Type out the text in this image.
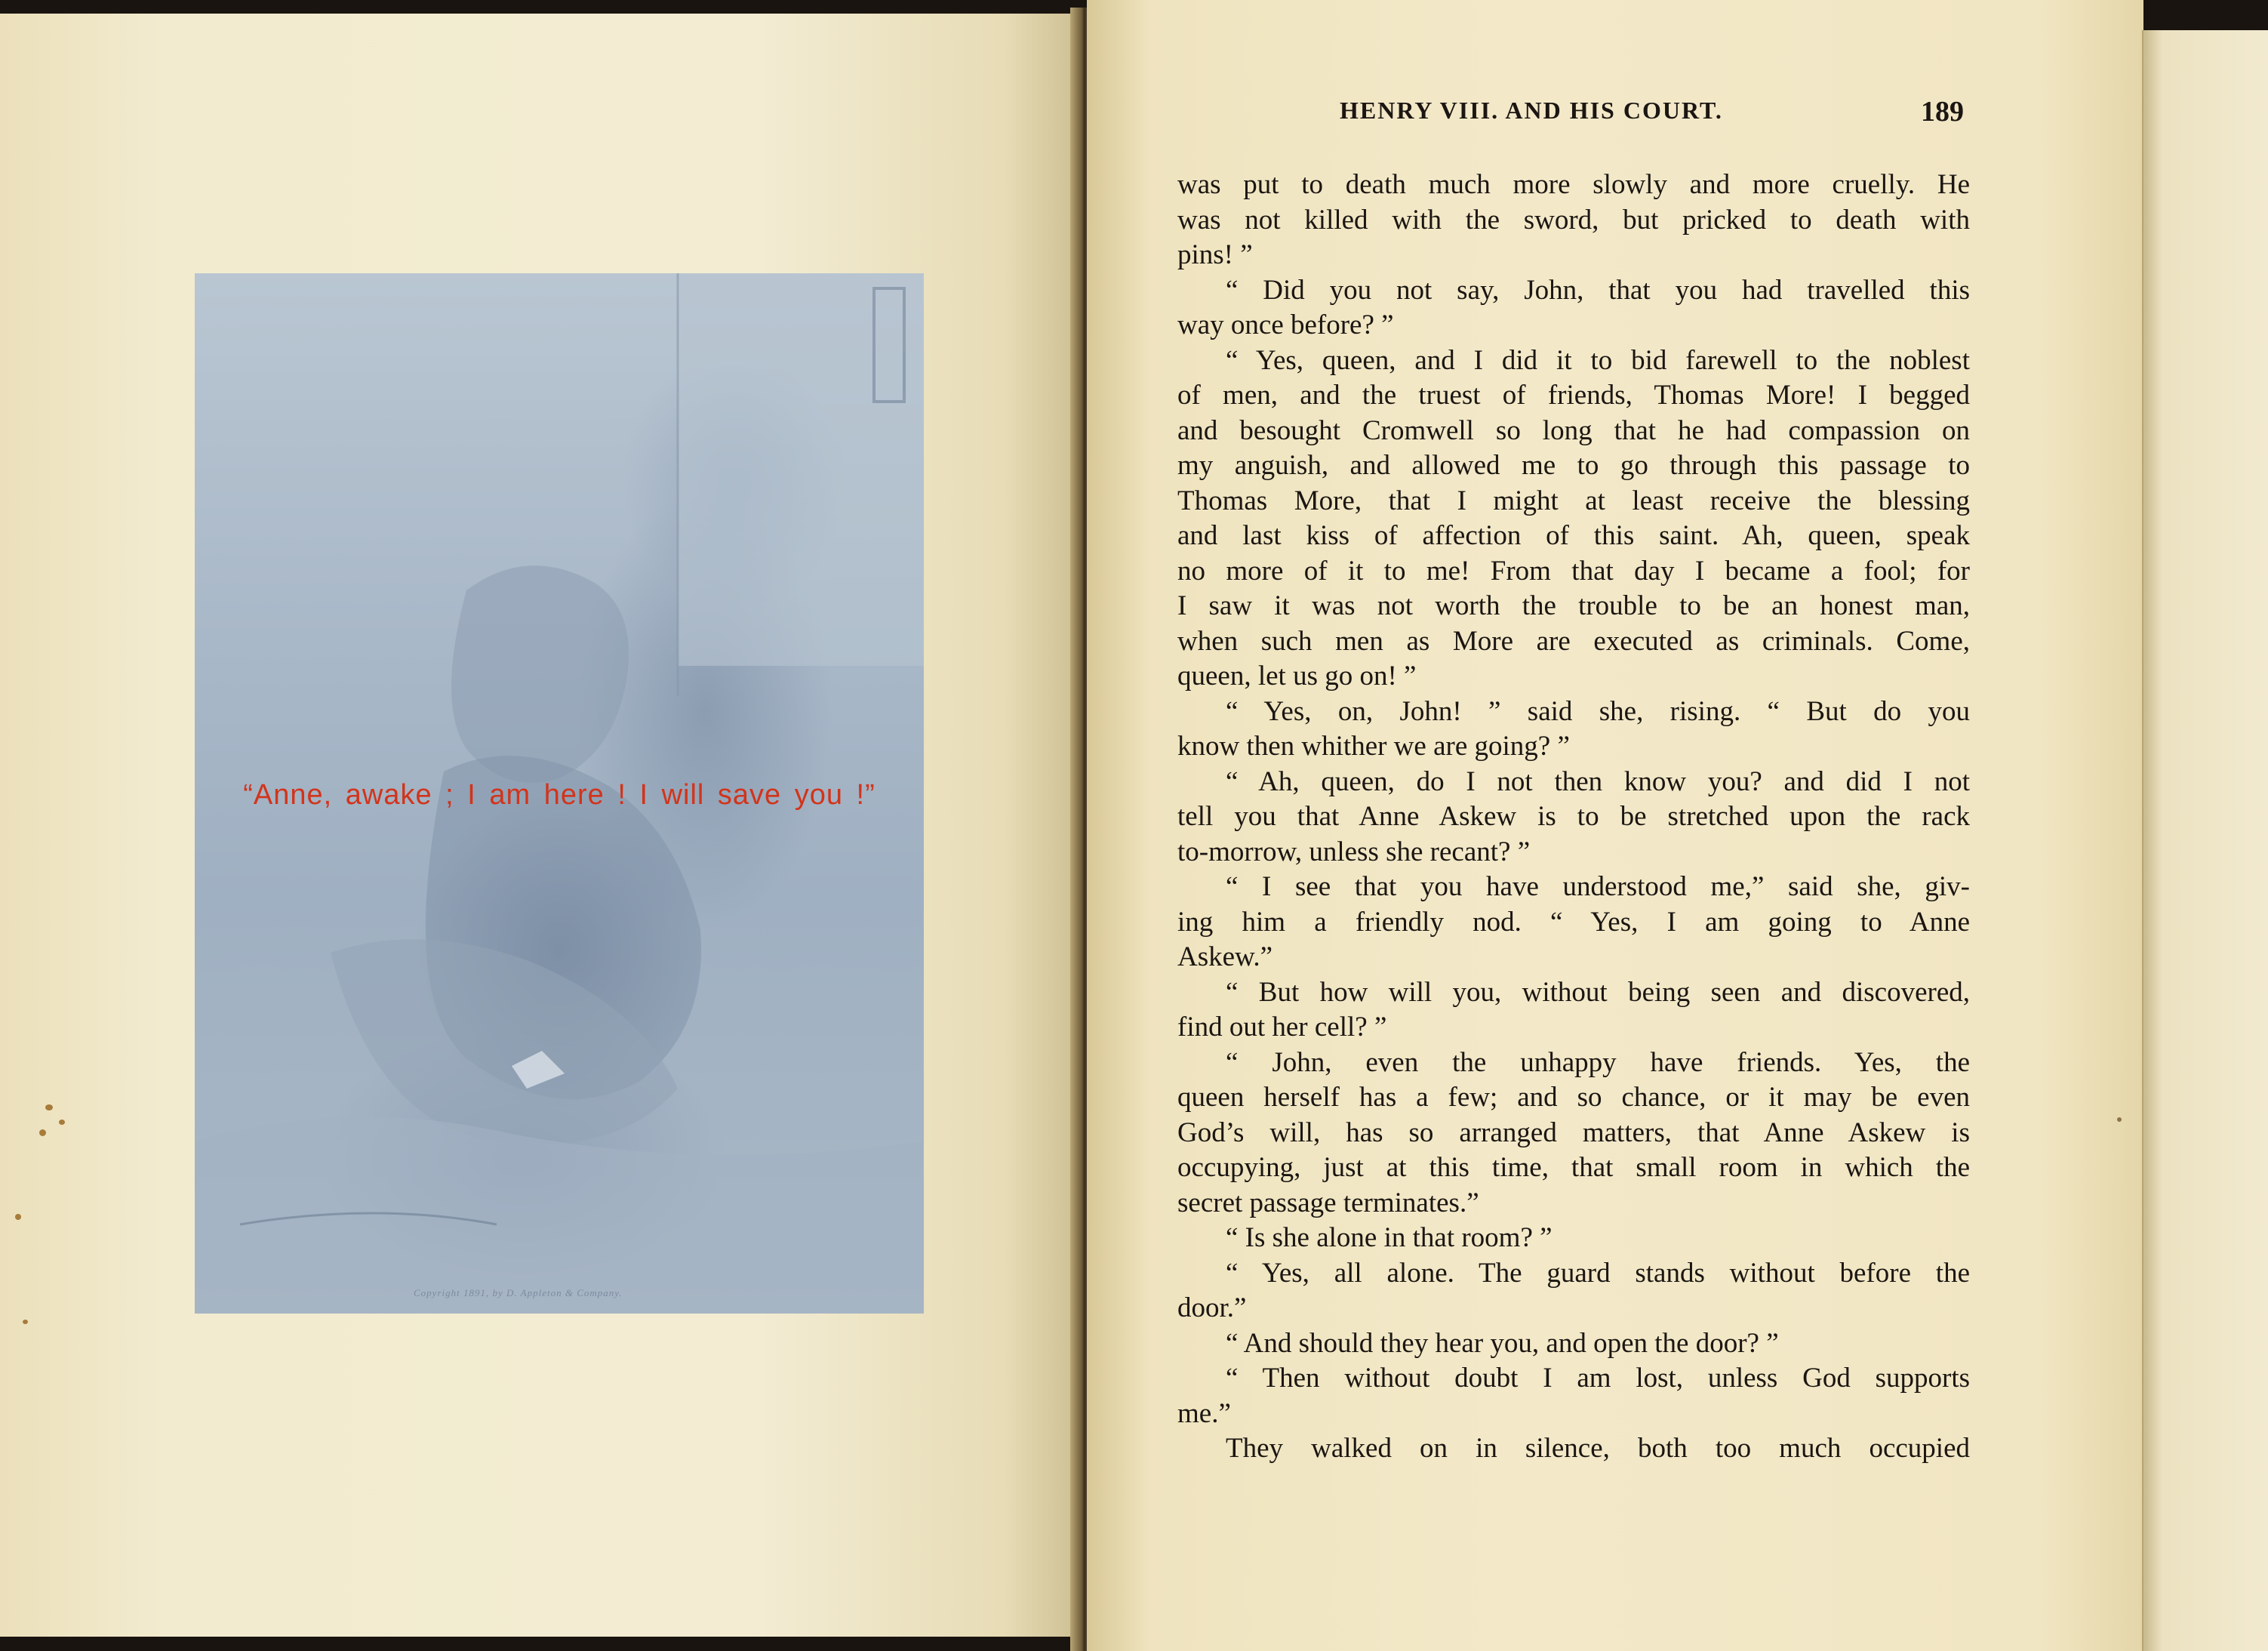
“Anne, awake ; I am here ! I will save you !”
Copyright 1891, by D. Appleton & Company.
HENRY VIII. AND HIS COURT.	189
was put to death much more slowly and more cruelly. He
was not killed with the sword, but pricked to death with
pins! ”
“ Did you not say, John, that you had travelled this
way once before? ”
“ Yes, queen, and I did it to bid farewell to the noblest
of men, and the truest of friends, Thomas More! I begged
and besought Cromwell so long that he had compassion on
my anguish, and allowed me to go through this passage to
Thomas More, that I might at least receive the blessing
and last kiss of affection of this saint. Ah, queen, speak
no more of it to me! From that day I became a fool; for
I saw it was not worth the trouble to be an honest man,
when such men as More are executed as criminals. Come,
queen, let us go on! ”
“ Yes, on, John! ” said she, rising. “ But do you
know then whither we are going? ”
“ Ah, queen, do I not then know you? and did I not
tell you that Anne Askew is to be stretched upon the rack
to-morrow, unless she recant? ”
“ I see that you have understood me,” said she, giv-
ing him a friendly nod. “ Yes, I am going to Anne
Askew.”
“ But how will you, without being seen and discovered,
find out her cell? ”
“ John, even the unhappy have friends. Yes, the
queen herself has a few; and so chance, or it may be even
God’s will, has so arranged matters, that Anne Askew is
occupying, just at this time, that small room in which the
secret passage terminates.”
“ Is she alone in that room? ”
“ Yes, all alone. The guard stands without before the
door.”
“ And should they hear you, and open the door? ”
“ Then without doubt I am lost, unless God supports
me.”
They walked on in silence, both too much occupied
